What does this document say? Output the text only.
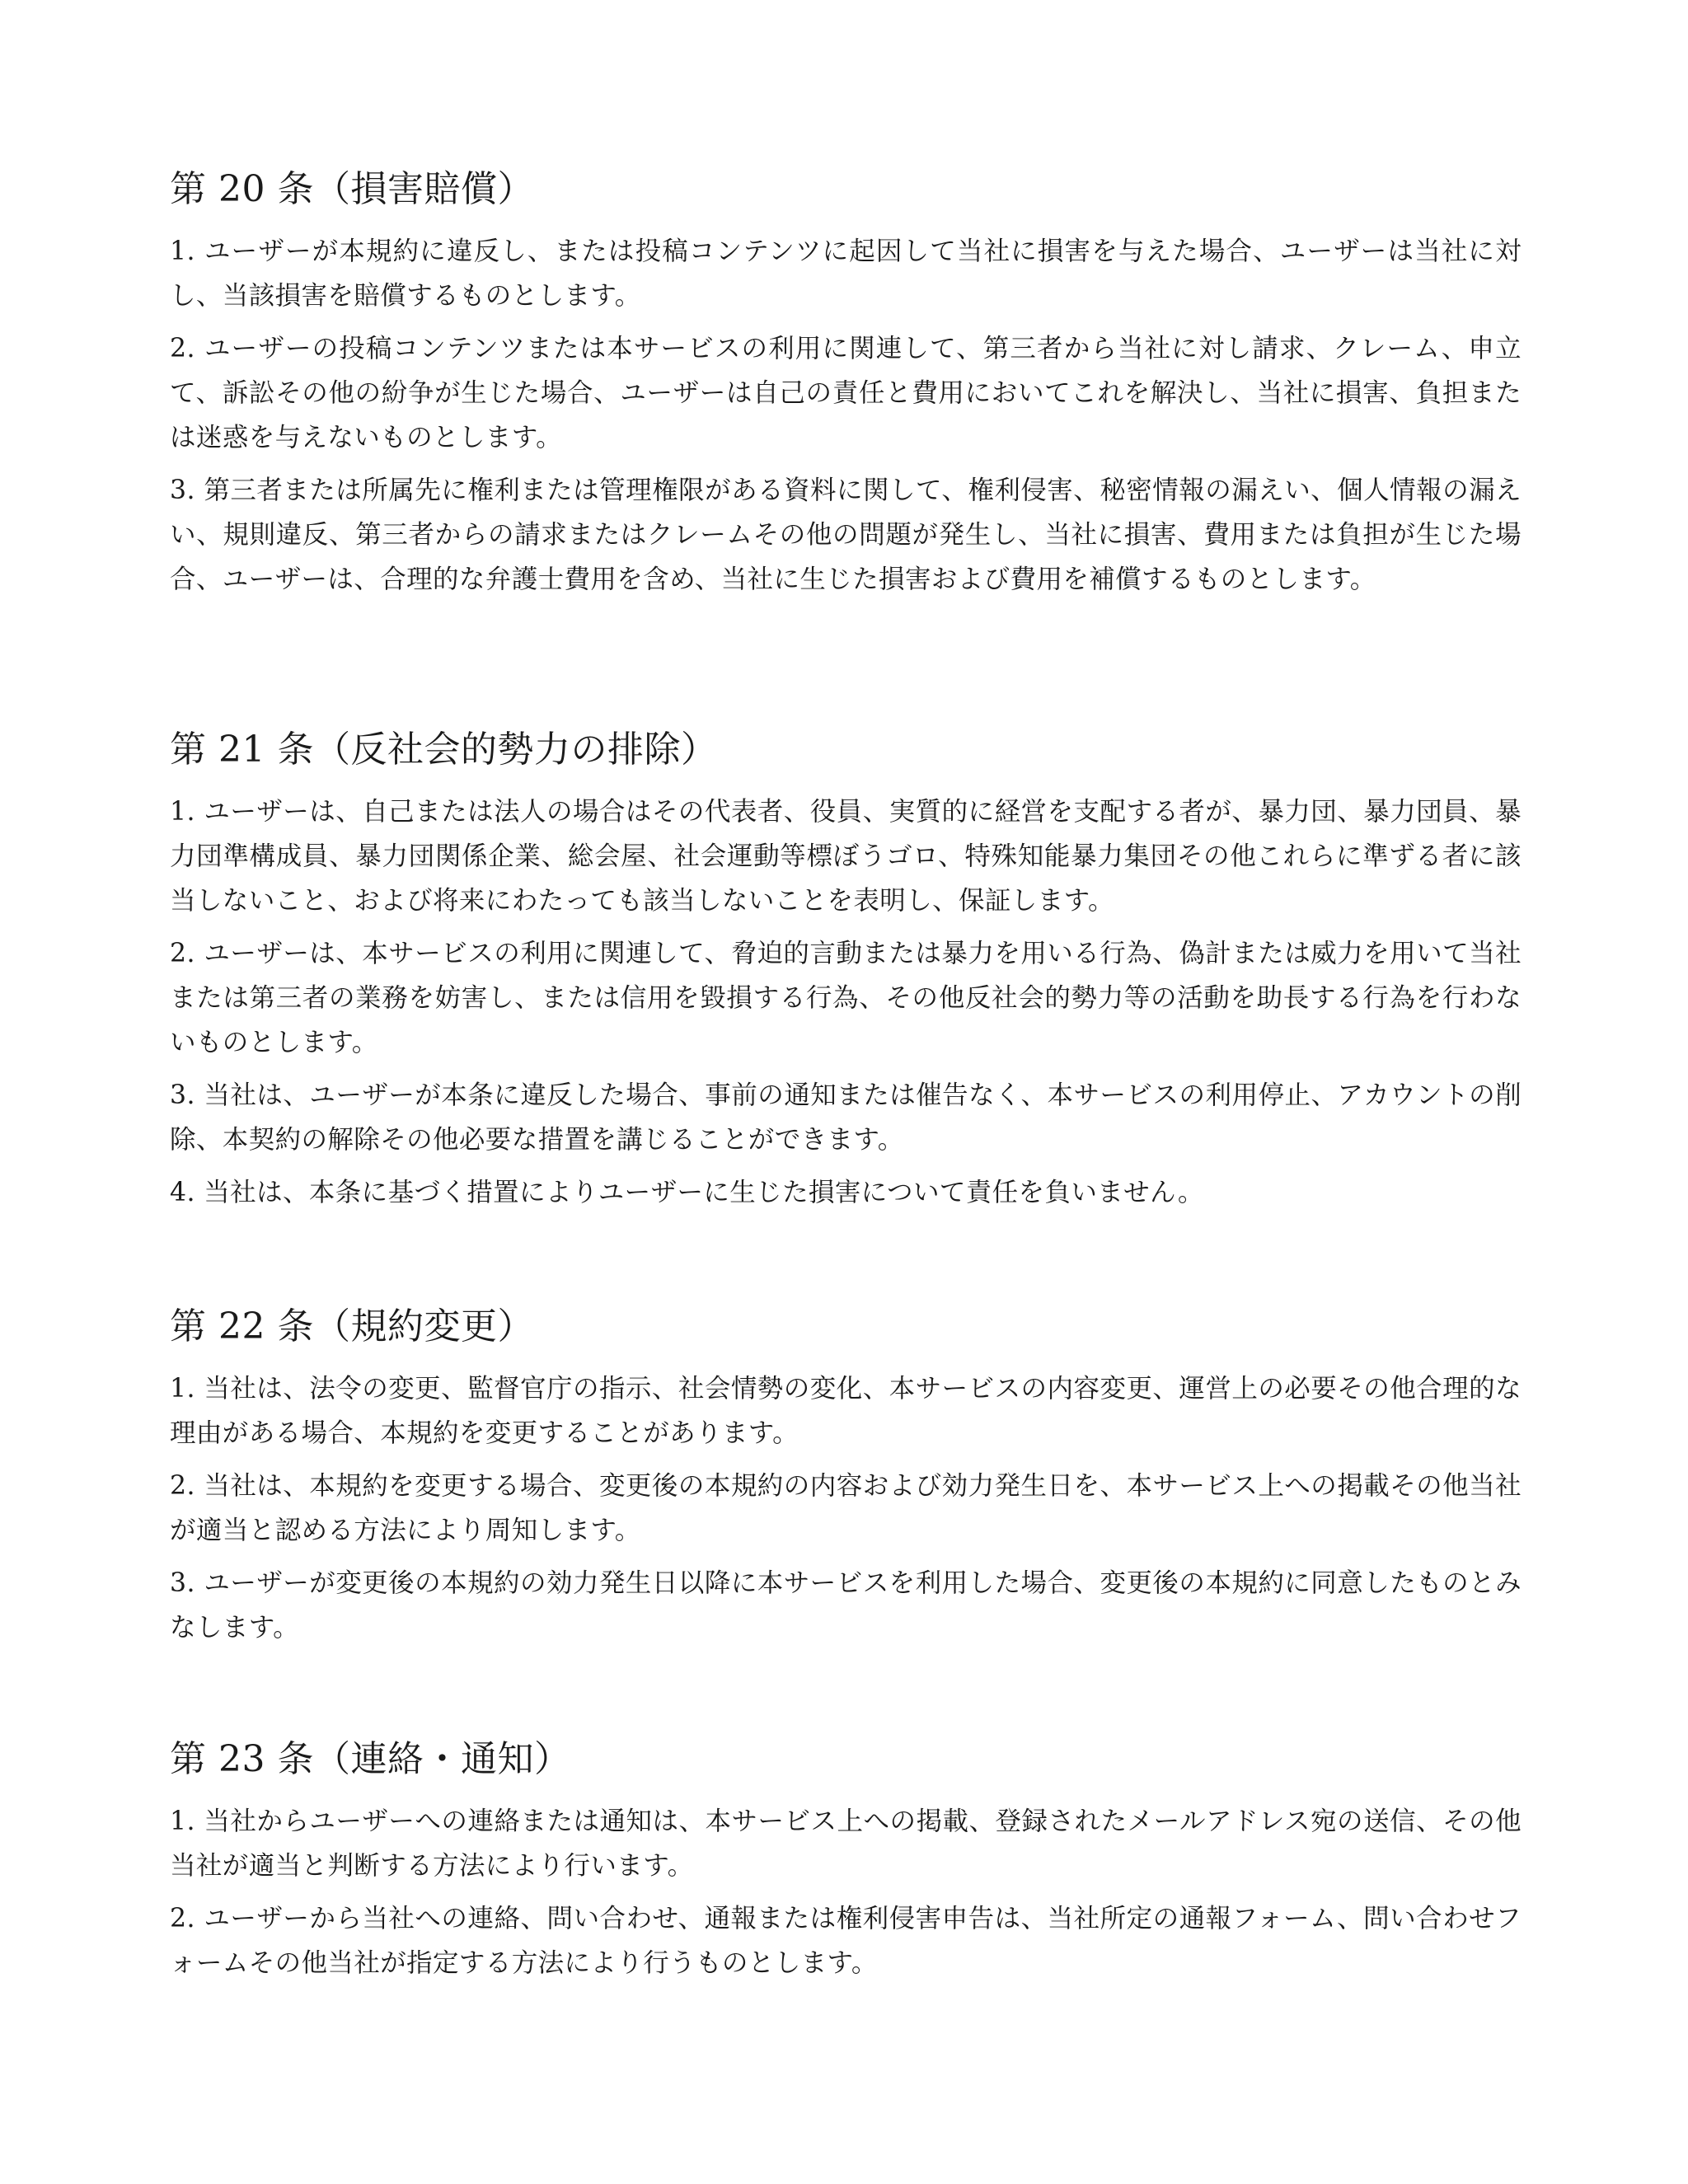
第 20 条（損害賠償）

1. ユーザーが本規約に違反し、または投稿コンテンツに起因して当社に損害を与えた場合、ユーザーは当社に対し、当該損害を賠償するものとします。

2. ユーザーの投稿コンテンツまたは本サービスの利用に関連して、第三者から当社に対し請求、クレーム、申立て、訴訟その他の紛争が生じた場合、ユーザーは自己の責任と費用においてこれを解決し、当社に損害、負担または迷惑を与えないものとします。

3. 第三者または所属先に権利または管理権限がある資料に関して、権利侵害、秘密情報の漏えい、個人情報の漏えい、規則違反、第三者からの請求またはクレームその他の問題が発生し、当社に損害、費用または負担が生じた場合、ユーザーは、合理的な弁護士費用を含め、当社に生じた損害および費用を補償するものとします。

第 21 条（反社会的勢力の排除）

1. ユーザーは、自己または法人の場合はその代表者、役員、実質的に経営を支配する者が、暴力団、暴力団員、暴力団準構成員、暴力団関係企業、総会屋、社会運動等標ぼうゴロ、特殊知能暴力集団その他これらに準ずる者に該当しないこと、および将来にわたっても該当しないことを表明し、保証します。

2. ユーザーは、本サービスの利用に関連して、脅迫的言動または暴力を用いる行為、偽計または威力を用いて当社または第三者の業務を妨害し、または信用を毀損する行為、その他反社会的勢力等の活動を助長する行為を行わないものとします。

3. 当社は、ユーザーが本条に違反した場合、事前の通知または催告なく、本サービスの利用停止、アカウントの削除、本契約の解除その他必要な措置を講じることができます。

4. 当社は、本条に基づく措置によりユーザーに生じた損害について責任を負いません。

第 22 条（規約変更）

1. 当社は、法令の変更、監督官庁の指示、社会情勢の変化、本サービスの内容変更、運営上の必要その他合理的な理由がある場合、本規約を変更することがあります。

2. 当社は、本規約を変更する場合、変更後の本規約の内容および効力発生日を、本サービス上への掲載その他当社が適当と認める方法により周知します。

3. ユーザーが変更後の本規約の効力発生日以降に本サービスを利用した場合、変更後の本規約に同意したものとみなします。

第 23 条（連絡・通知）

1. 当社からユーザーへの連絡または通知は、本サービス上への掲載、登録されたメールアドレス宛の送信、その他当社が適当と判断する方法により行います。

2. ユーザーから当社への連絡、問い合わせ、通報または権利侵害申告は、当社所定の通報フォーム、問い合わせフォームその他当社が指定する方法により行うものとします。
